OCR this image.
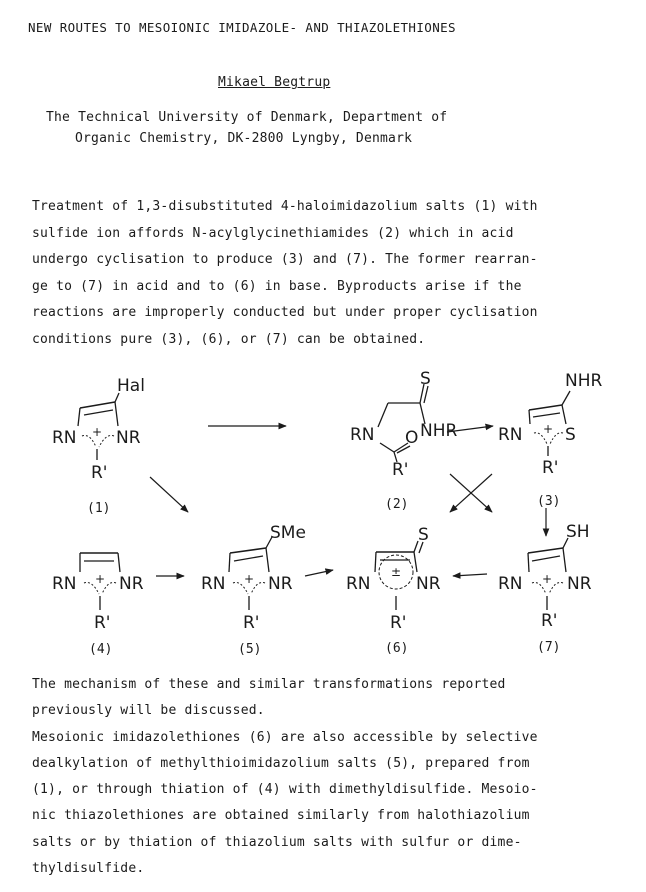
NEW ROUTES TO MESOIONIC IMIDAZOLE- AND THIAZOLETHIONES
Mikael Begtrup
The Technical University of Denmark, Department of
Organic Chemistry, DK-2800 Lyngby, Denmark
Treatment of 1,3-disubstituted 4-haloimidazolium salts (1) with
sulfide ion affords N-acylglycinethiamides (2) which in acid
undergo cyclisation to produce (3) and (7). The former rearran-
ge to (7) in acid and to (6) in base. Byproducts arise if the
reactions are improperly conducted but under proper cyclisation
conditions pure (3), (6), or (7) can be obtained.
Hal
RN NR
+
R'
(1)
S
RN	NHR
O
R'
(2)
NHR
RN S
+
R'
(3)
RN NR
+
R'
(4)
SMe
RN NR
+
R'
(5)
S
RN	NR
±
R'
(6)
SH
RN	NR
+
R'
(7)
The mechanism of these and similar transformations reported
previously will be discussed.
Mesoionic imidazolethiones (6) are also accessible by selective
dealkylation of methylthioimidazolium salts (5), prepared from
(1), or through thiation of (4) with dimethyldisulfide. Mesoio-
nic thiazolethiones are obtained similarly from halothiazolium
salts or by thiation of thiazolium salts with sulfur or dime-
thyldisulfide.
